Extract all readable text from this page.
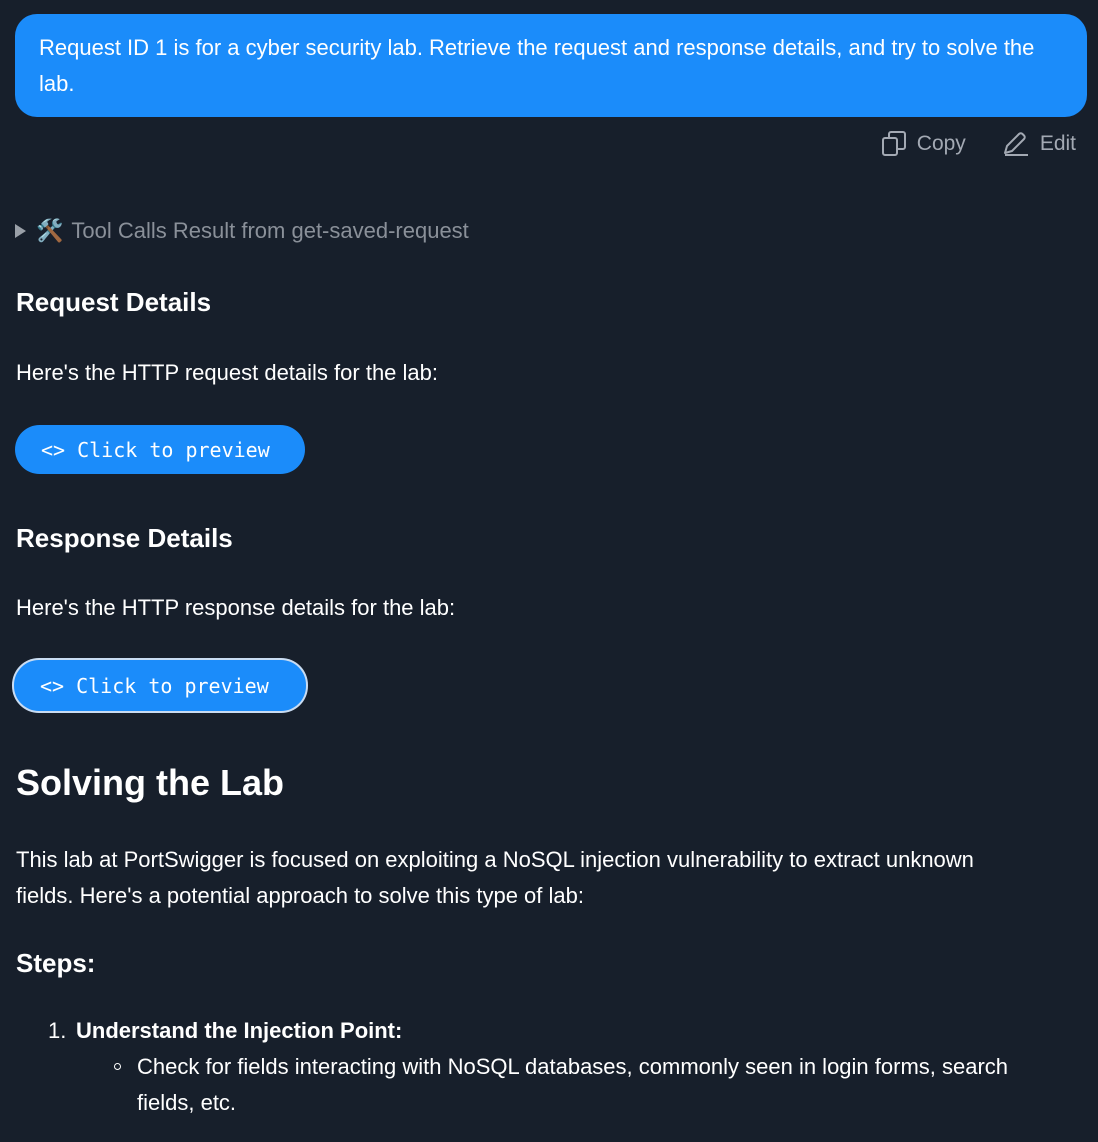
Request ID 1 is for a cyber security lab. Retrieve the request and response details, and try to solve the lab.
Copy	Edit
🛠️ Tool Calls Result from get-saved-request
Request Details
Here's the HTTP request details for the lab:
<> Click to preview
Response Details
Here's the HTTP response details for the lab:
<> Click to preview
Solving the Lab
This lab at PortSwigger is focused on exploiting a NoSQL injection vulnerability to extract unknown fields. Here's a potential approach to solve this type of lab:
Steps:
1. Understand the Injection Point:
Check for fields interacting with NoSQL databases, commonly seen in login forms, search fields, etc.
